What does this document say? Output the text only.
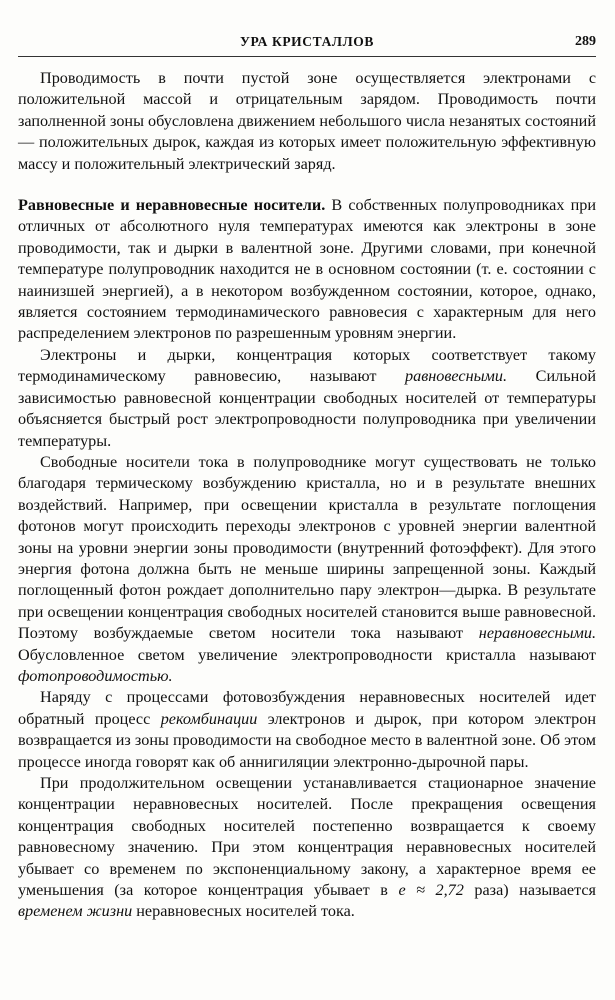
УРА КРИСТАЛЛОВ	289

Проводимость в почти пустой зоне осуществляется электронами с положительной массой и отрицательным зарядом. Проводимость почти заполненной зоны обусловлена движением небольшого числа незанятых состояний — положительных дырок, каждая из которых имеет положительную эффективную массу и положительный электрический заряд.

Равновесные и неравновесные носители. В собственных полупроводниках при отличных от абсолютного нуля температурах имеются как электроны в зоне проводимости, так и дырки в валентной зоне. Другими словами, при конечной температуре полупроводник находится не в основном состоянии (т. е. состоянии с наинизшей энергией), а в некотором возбужденном состоянии, которое, однако, является состоянием термодинамического равновесия с характерным для него распределением электронов по разрешенным уровням энергии.

Электроны и дырки, концентрация которых соответствует такому термодинамическому равновесию, называют равновесными. Сильной зависимостью равновесной концентрации свободных носителей от температуры объясняется быстрый рост электропроводности полупроводника при увеличении температуры.

Свободные носители тока в полупроводнике могут существовать не только благодаря термическому возбуждению кристалла, но и в результате внешних воздействий. Например, при освещении кристалла в результате поглощения фотонов могут происходить переходы электронов с уровней энергии валентной зоны на уровни энергии зоны проводимости (внутренний фотоэффект). Для этого энергия фотона должна быть не меньше ширины запрещенной зоны. Каждый поглощенный фотон рождает дополнительно пару электрон—дырка. В результате при освещении концентрация свободных носителей становится выше равновесной. Поэтому возбуждаемые светом носители тока называют неравновесными. Обусловленное светом увеличение электропроводности кристалла называют фотопроводимостью.

Наряду с процессами фотовозбуждения неравновесных носителей идет обратный процесс рекомбинации электронов и дырок, при котором электрон возвращается из зоны проводимости на свободное место в валентной зоне. Об этом процессе иногда говорят как об аннигиляции электронно-дырочной пары.

При продолжительном освещении устанавливается стационарное значение концентрации неравновесных носителей. После прекращения освещения концентрация свободных носителей постепенно возвращается к своему равновесному значению. При этом концентрация неравновесных носителей убывает со временем по экспоненциальному закону, а характерное время ее уменьшения (за которое концентрация убывает в e ≈ 2,72 раза) называется временем жизни неравновесных носителей тока.
